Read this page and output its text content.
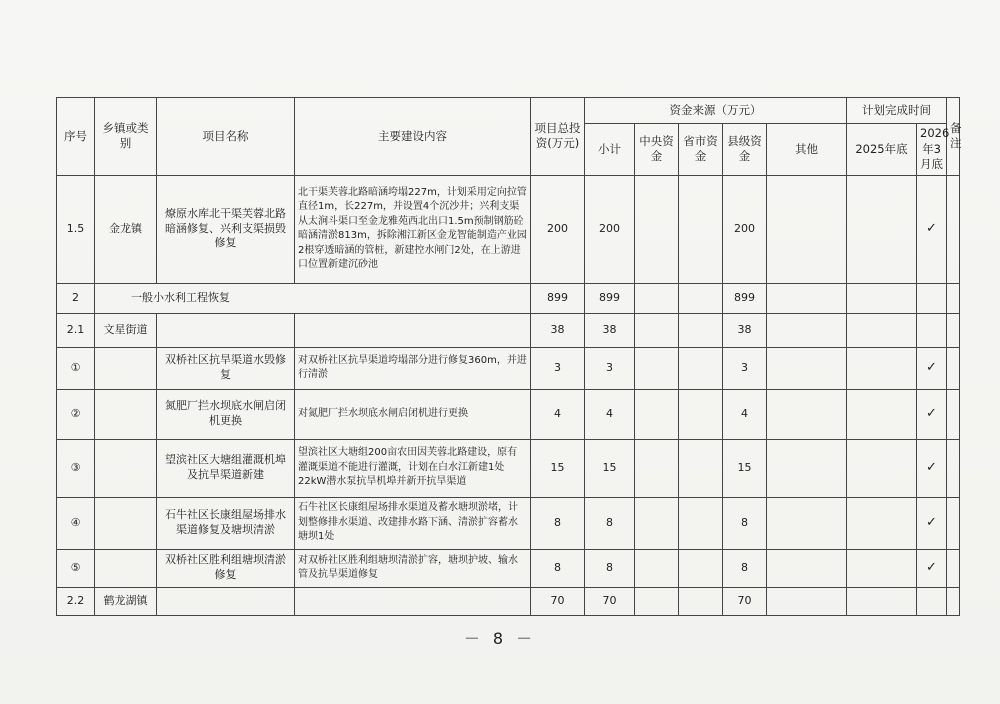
序号	乡镇或类别	项目名称	主要建设内容	项目总投资(万元)	资金来源（万元）					计划完成时间		备注
					小计	中央资金	省市资金	县级资金	其他	2025年底	2026年3月底	
1.5	金龙镇	燎原水库北干渠芙蓉北路暗涵修复、兴利支渠损毁修复	北干渠芙蓉北路暗涵垮塌227m，计划采用定向拉管直径1m，长227m，并设置4个沉沙井；兴利支渠从太涧斗渠口至金龙雅苑西北出口1.5m预制钢筋砼暗涵清淤813m，拆除湘江新区金龙智能制造产业园2根穿透暗涵的管桩，新建控水闸门2处，在上游进口位置新建沉砂池	200	200			200			✓	
2	一般小水利工程恢复			899	899			899				
2.1	文星街道			38	38			38				
①		双桥社区抗旱渠道水毁修复	对双桥社区抗旱渠道垮塌部分进行修复360m，并进行清淤	3	3			3			✓	
②		氮肥厂拦水坝底水闸启闭机更换	对氮肥厂拦水坝底水闸启闭机进行更换	4	4			4			✓	
③		望滨社区大塘组灌溉机埠及抗旱渠道新建	望滨社区大塘组200亩农田因芙蓉北路建设，原有灌溉渠道不能进行灌溉，计划在白水江新建1处22kW潜水泵抗旱机埠并新开抗旱渠道	15	15			15			✓	
④		石牛社区长康组屋场排水渠道修复及塘坝清淤	石牛社区长康组屋场排水渠道及蓄水塘坝淤堵，计划整修排水渠道、改建排水路下涵、清淤扩容蓄水塘坝1处	8	8			8			✓	
⑤		双桥社区胜利组塘坝清淤修复	对双桥社区胜利组塘坝清淤扩容，塘坝护坡、输水管及抗旱渠道修复	8	8			8			✓	
2.2	鹤龙湖镇			70	70			70				
－ 8 －
